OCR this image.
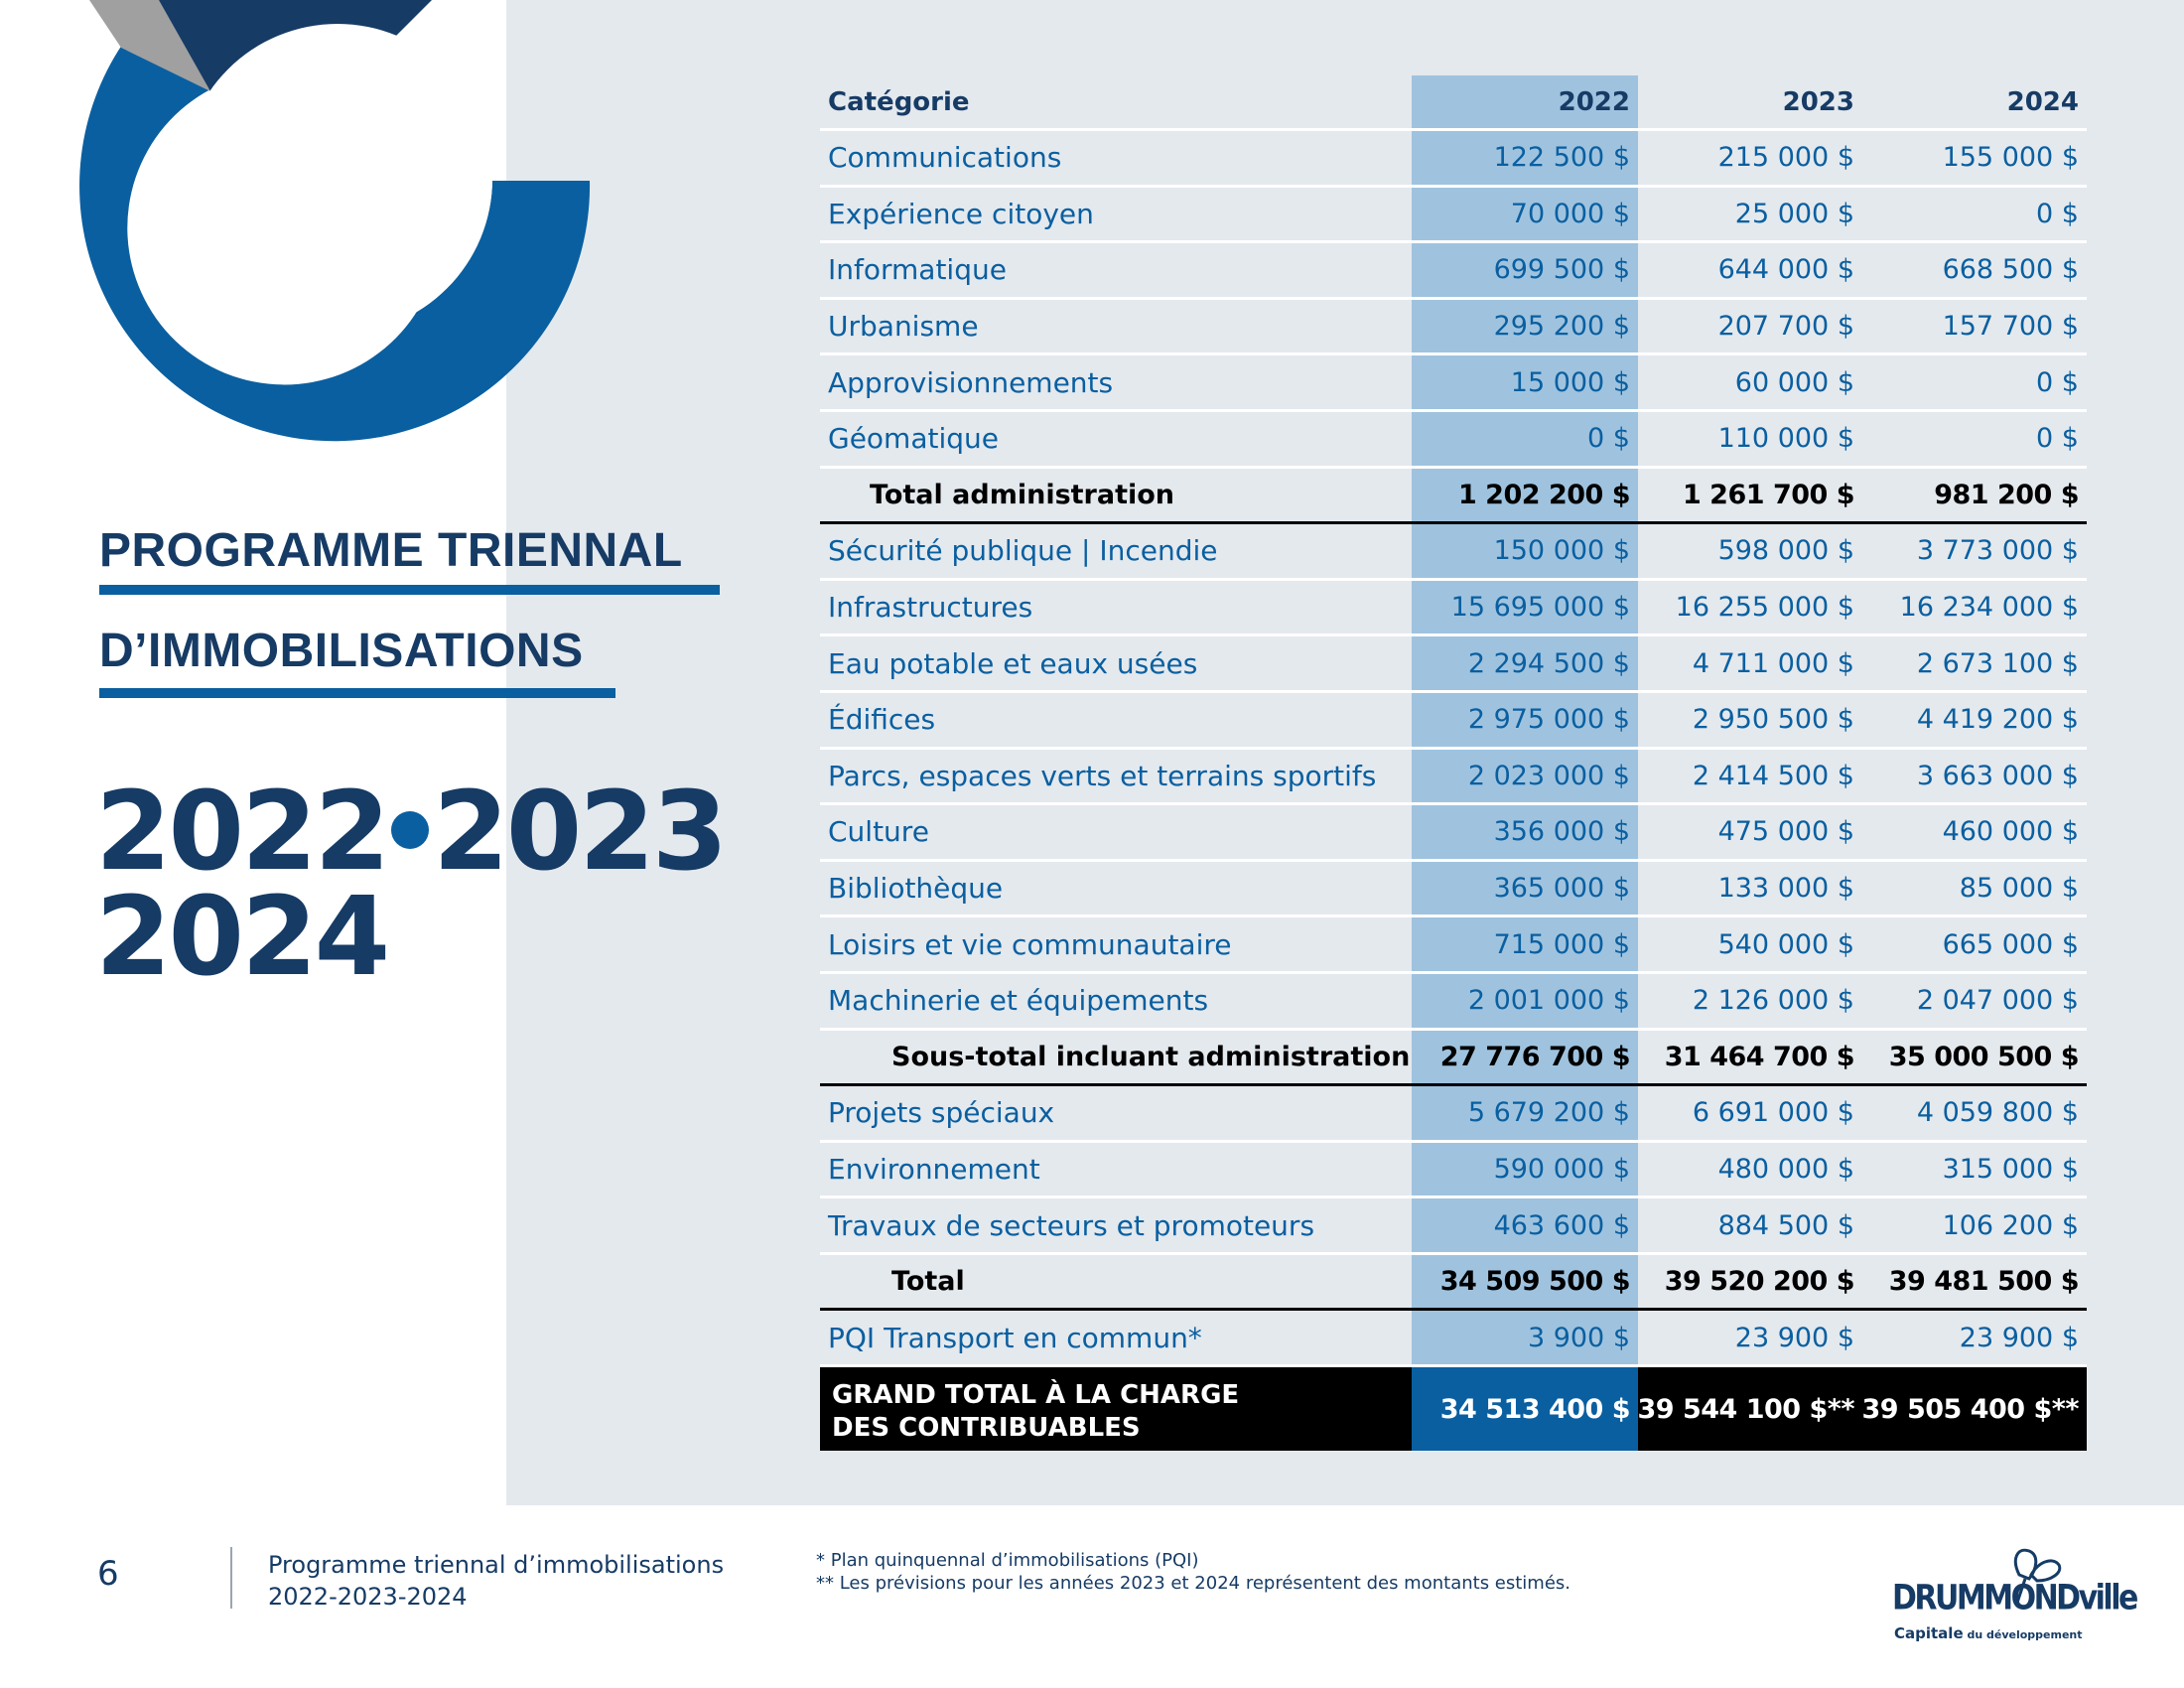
PROGRAMME TRIENNAL
D’IMMOBILISATIONS
2022 2023
2024
Catégorie	2022	2023	2024
Communications	122 500 $	215 000 $	155 000 $
Expérience citoyen	70 000 $	25 000 $	0 $
Informatique	699 500 $	644 000 $	668 500 $
Urbanisme	295 200 $	207 700 $	157 700 $
Approvisionnements	15 000 $	60 000 $	0 $
Géomatique	0 $	110 000 $	0 $
Total administration	1 202 200 $	1 261 700 $	981 200 $
Sécurité publique | Incendie	150 000 $	598 000 $	3 773 000 $
Infrastructures	15 695 000 $	16 255 000 $	16 234 000 $
Eau potable et eaux usées	2 294 500 $	4 711 000 $	2 673 100 $
Édifices	2 975 000 $	2 950 500 $	4 419 200 $
Parcs, espaces verts et terrains sportifs	2 023 000 $	2 414 500 $	3 663 000 $
Culture	356 000 $	475 000 $	460 000 $
Bibliothèque	365 000 $	133 000 $	85 000 $
Loisirs et vie communautaire	715 000 $	540 000 $	665 000 $
Machinerie et équipements	2 001 000 $	2 126 000 $	2 047 000 $
Sous-total incluant administration	27 776 700 $	31 464 700 $	35 000 500 $
Projets spéciaux	5 679 200 $	6 691 000 $	4 059 800 $
Environnement	590 000 $	480 000 $	315 000 $
Travaux de secteurs et promoteurs	463 600 $	884 500 $	106 200 $
Total	34 509 500 $	39 520 200 $	39 481 500 $
PQI Transport en commun*	3 900 $	23 900 $	23 900 $
GRAND TOTAL À LA CHARGE
DES CONTRIBUABLES
34 513 400 $ 39 544 100 $** 39 505 400 $**
6	Programme triennal d’immobilisations
2022-2023-2024
* Plan quinquennal d’immobilisations (PQI)
** Les prévisions pour les années 2023 et 2024 représentent des montants estimés.	DRUMMONDville
Capitale du développement
